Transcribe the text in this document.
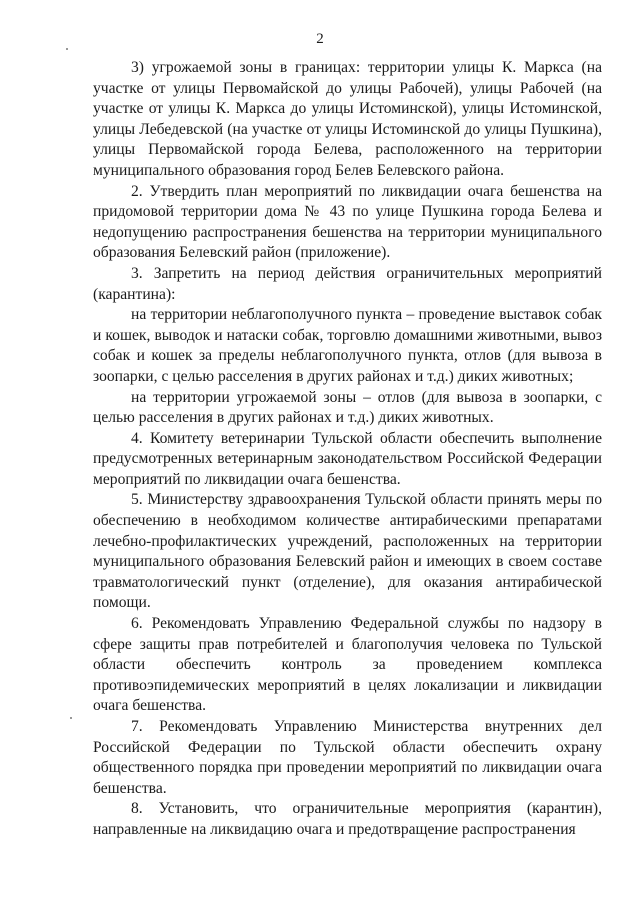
2

3) угрожаемой зоны в границах: территории улицы К. Маркса (на участке от улицы Первомайской до улицы Рабочей), улицы Рабочей (на участке от улицы К. Маркса до улицы Истоминской), улицы Истоминской, улицы Лебедевской (на участке от улицы Истоминской до улицы Пушкина), улицы Первомайской города Белева, расположенного на территории муниципального образования город Белев Белевского района.

2. Утвердить план мероприятий по ликвидации очага бешенства на придомовой территории дома № 43 по улице Пушкина города Белева и недопущению распространения бешенства на территории муниципального образования Белевский район (приложение).

3. Запретить на период действия ограничительных мероприятий (карантина):

на территории неблагополучного пункта – проведение выставок собак и кошек, выводок и натаски собак, торговлю домашними животными, вывоз собак и кошек за пределы неблагополучного пункта, отлов (для вывоза в зоопарки, с целью расселения в других районах и т.д.) диких животных;

на территории угрожаемой зоны – отлов (для вывоза в зоопарки, с целью расселения в других районах и т.д.) диких животных.

4. Комитету ветеринарии Тульской области обеспечить выполнение предусмотренных ветеринарным законодательством Российской Федерации мероприятий по ликвидации очага бешенства.

5. Министерству здравоохранения Тульской области принять меры по обеспечению в необходимом количестве антирабическими препаратами лечебно-профилактических учреждений, расположенных на территории муниципального образования Белевский район и имеющих в своем составе травматологический пункт (отделение), для оказания антирабической помощи.

6. Рекомендовать Управлению Федеральной службы по надзору в сфере защиты прав потребителей и благополучия человека по Тульской области обеспечить контроль за проведением комплекса противоэпидемических мероприятий в целях локализации и ликвидации очага бешенства.

7. Рекомендовать Управлению Министерства внутренних дел Российской Федерации по Тульской области обеспечить охрану общественного порядка при проведении мероприятий по ликвидации очага бешенства.

8. Установить, что ограничительные мероприятия (карантин), направленные на ликвидацию очага и предотвращение распространения
